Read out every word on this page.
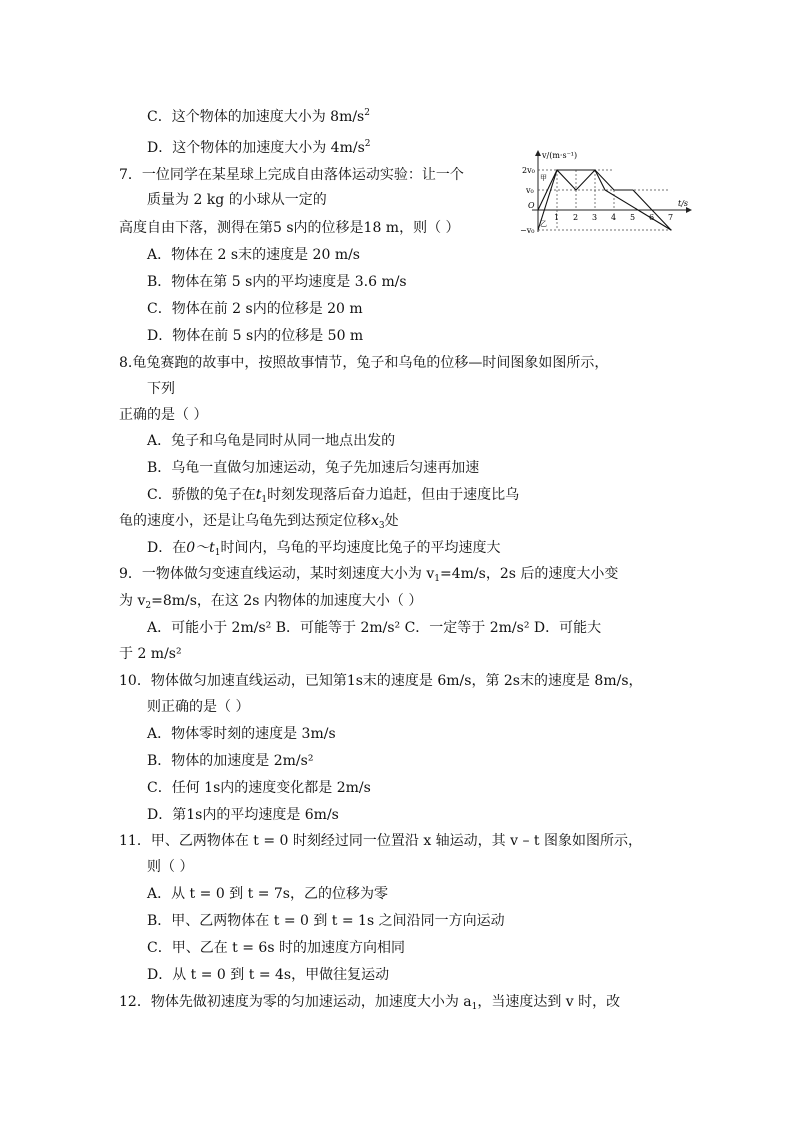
C．这个物体的加速度大小为 $8m/s^2$
D．这个物体的加速度大小为 $4m/s^2$
7．一位同学在某星球上完成自由落体运动实验：让一个
质量为 2 kg 的小球从一定的
高度自由下落，测得在第5 s内的位移是18 m，则（ ）
A．物体在 2 s末的速度是 20 m/s
B．物体在第 5 s内的平均速度是 3.6 m/s
C．物体在前 2 s内的位移是 20 m
D．物体在前 5 s内的位移是 50 m
v/(m·s⁻¹)
t/s
2v₀
v₀
−v₀
O
甲
乙
1 2 3 4 5 6 7
8.龟兔赛跑的故事中，按照故事情节，兔子和乌龟的位移—时间图象如图所示，
下列
正确的是（ ）
A．兔子和乌龟是同时从同一地点出发的
B．乌龟一直做匀加速运动，兔子先加速后匀速再加速
C．骄傲的兔子在$t_1$时刻发现落后奋力追赶，但由于速度比乌
龟的速度小，还是让乌龟先到达预定位移$x_3$处
D．在$0\sim t_1$时间内，乌龟的平均速度比兔子的平均速度大
9．一物体做匀变速直线运动，某时刻速度大小为 $v_1=4m/s$，2s 后的速度大小变
为 $v_2=8m/s$，在这 2s 内物体的加速度大小（ ）
A．可能小于 2m/s² B．可能等于 2m/s² C．一定等于 2m/s² D．可能大
于 2 m/s²
10．物体做匀加速直线运动，已知第1s末的速度是 6m/s，第 2s末的速度是 8m/s，
则正确的是（ ）
A．物体零时刻的速度是 3m/s
B．物体的加速度是 2m/s²
C．任何 1s内的速度变化都是 2m/s
D．第1s内的平均速度是 6m/s
11．甲、乙两物体在 t = 0 时刻经过同一位置沿 x 轴运动，其 v – t 图象如图所示，
则（ ）
A．从 t = 0 到 t = 7s，乙的位移为零
B．甲、乙两物体在 t = 0 到 t = 1s 之间沿同一方向运动
C．甲、乙在 t = 6s 时的加速度方向相同
D．从 t = 0 到 t = 4s，甲做往复运动
12．物体先做初速度为零的匀加速运动，加速度大小为 $a_1$，当速度达到 v 时，改
